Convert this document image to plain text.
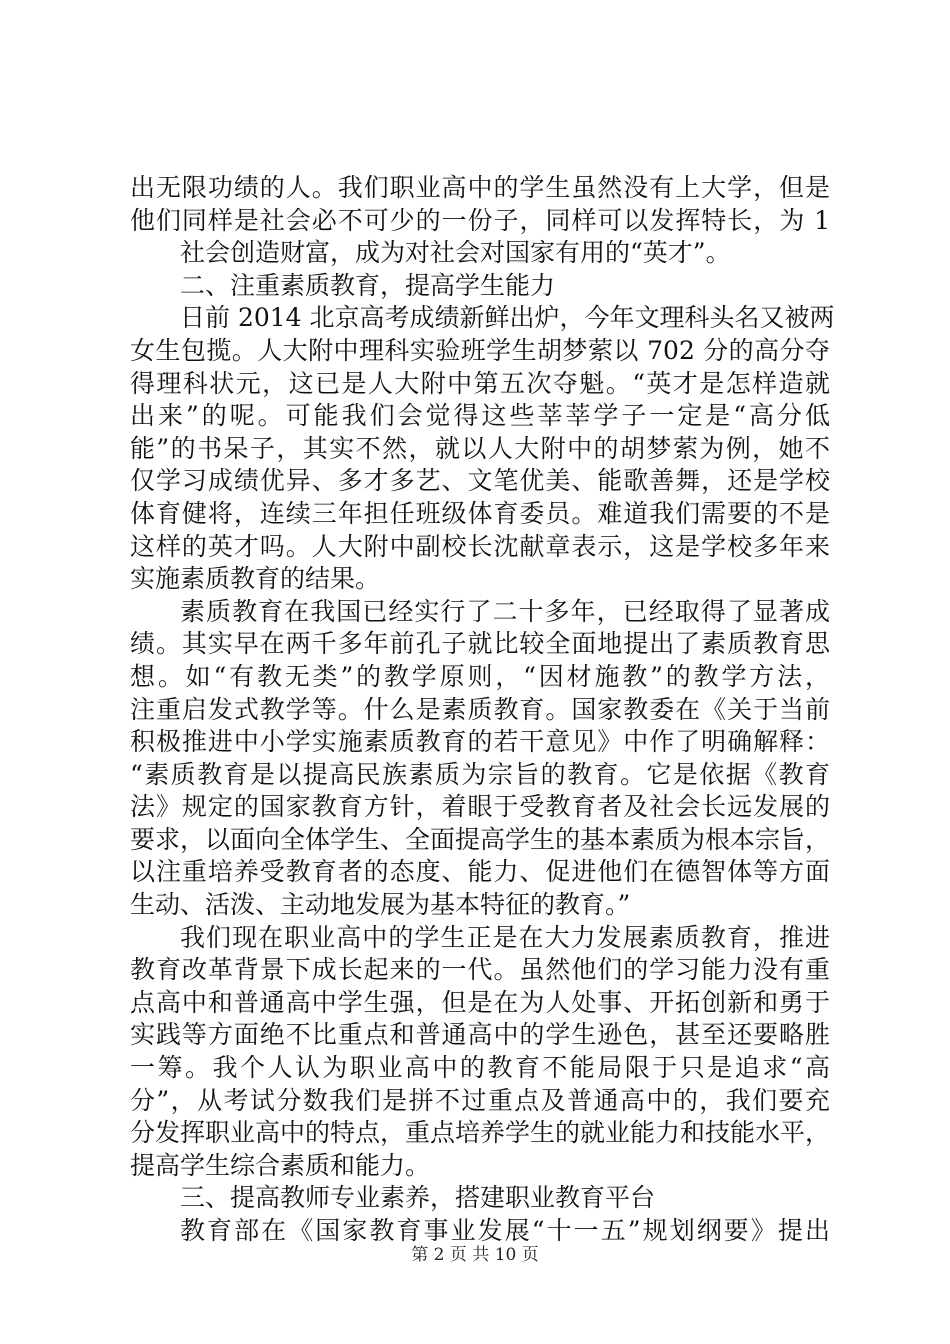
出无限功绩的人。我们职业高中的学生虽然没有上大学，但是
他们同样是社会必不可少的一份子，同样可以发挥特长，为 1
社会创造财富，成为对社会对国家有用的“英才”。
二、注重素质教育，提高学生能力
日前 2014 北京高考成绩新鲜出炉，今年文理科头名又被两
女生包揽。人大附中理科实验班学生胡梦萦以 702 分的高分夺
得理科状元，这已是人大附中第五次夺魁。“英才是怎样造就
出来”的呢。可能我们会觉得这些莘莘学子一定是“高分低
能”的书呆子，其实不然，就以人大附中的胡梦萦为例，她不
仅学习成绩优异、多才多艺、文笔优美、能歌善舞，还是学校
体育健将，连续三年担任班级体育委员。难道我们需要的不是
这样的英才吗。人大附中副校长沈献章表示，这是学校多年来
实施素质教育的结果。
素质教育在我国已经实行了二十多年，已经取得了显著成
绩。其实早在两千多年前孔子就比较全面地提出了素质教育思
想。如“有教无类”的教学原则，“因材施教”的教学方法，
注重启发式教学等。什么是素质教育。国家教委在《关于当前
积极推进中小学实施素质教育的若干意见》中作了明确解释：
“素质教育是以提高民族素质为宗旨的教育。它是依据《教育
法》规定的国家教育方针，着眼于受教育者及社会长远发展的
要求，以面向全体学生、全面提高学生的基本素质为根本宗旨，
以注重培养受教育者的态度、能力、促进他们在德智体等方面
生动、活泼、主动地发展为基本特征的教育。”
我们现在职业高中的学生正是在大力发展素质教育，推进
教育改革背景下成长起来的一代。虽然他们的学习能力没有重
点高中和普通高中学生强，但是在为人处事、开拓创新和勇于
实践等方面绝不比重点和普通高中的学生逊色，甚至还要略胜
一筹。我个人认为职业高中的教育不能局限于只是追求“高
分”，从考试分数我们是拼不过重点及普通高中的，我们要充
分发挥职业高中的特点，重点培养学生的就业能力和技能水平，
提高学生综合素质和能力。
三、提高教师专业素养，搭建职业教育平台
教育部在《国家教育事业发展“十一五”规划纲要》提出
第 2 页 共 10 页
